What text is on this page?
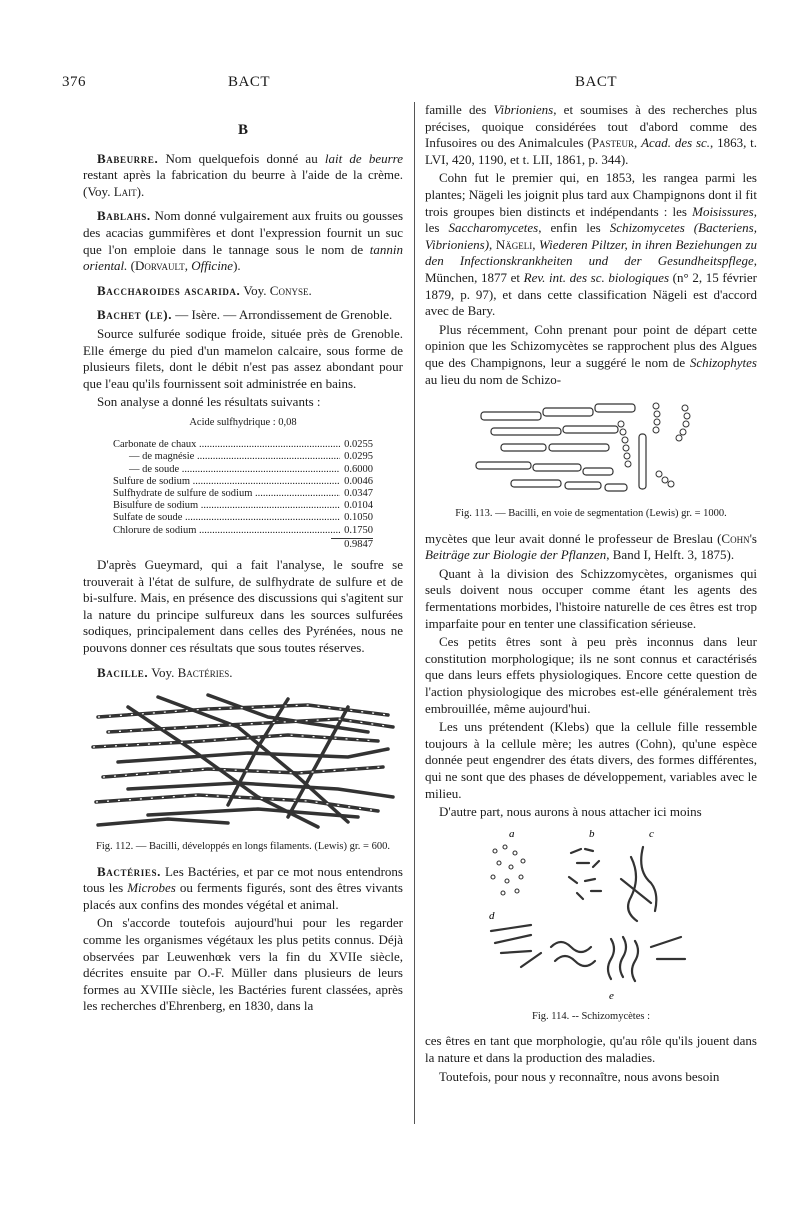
376	BACT	BACT
B

Babeurre. Nom quelquefois donné au lait de beurre restant après la fabrication du beurre à l'aide de la crème. (Voy. Lait).

Bablahs. Nom donné vulgairement aux fruits ou gousses des acacias gummifères et dont l'expression fournit un suc que l'on emploie dans le tannage sous le nom de tannin oriental. (Dorvault, Officine).

Baccharoides ascarida. Voy. Conyse.

Bachet (le). — Isère. — Arrondissement de Grenoble.

Source sulfurée sodique froide, située près de Grenoble. Elle émerge du pied d'un mamelon calcaire, sous forme de plusieurs filets, dont le débit n'est pas assez abondant pour que l'eau qu'ils fournissent soit administrée en bains.

Son analyse a donné les résultats suivants :

Acide sulfhydrique : 0,08
Carbonate de chaux .....	0.0255
— de magnésie .....	0.0295
— de soude .....	0.6000
Sulfure de sodium .....	0.0046
Sulfhydrate de sulfure de sodium .....	0.0347
Bisulfure de sodium .....	0.0104
Sulfate de soude .....	0.1050
Chlorure de sodium .....	0.1750
0.9847

D'après Gueymard, qui a fait l'analyse, le soufre se trouverait à l'état de sulfure, de sulfhydrate de sulfure et de bi-sulfure. Mais, en présence des discussions qui s'agitent sur la nature du principe sulfureux dans les sources sulfurées sodiques, principalement dans celles des Pyrénées, nous ne pouvons donner ces résultats que sous toutes réserves.

Bacille. Voy. Bactéries.

Fig. 112. — Bacilli, développés en longs filaments. (Lewis) gr. = 600.

Bactéries. Les Bactéries, et par ce mot nous entendrons tous les Microbes ou ferments figurés, sont des êtres vivants placés aux confins des mondes végétal et animal.

On s'accorde toutefois aujourd'hui pour les regarder comme les organismes végétaux les plus petits connus. Déjà observées par Leuwenhœk vers la fin du XVIIe siècle, décrites ensuite par O.-F. Müller dans plusieurs de leurs formes au XVIIIe siècle, les Bactéries furent classées, après les recherches d'Ehrenberg, en 1830, dans la

famille des Vibrioniens, et soumises à des recherches plus précises, quoique considérées tout d'abord comme des Infusoires ou des Animalcules (Pasteur, Acad. des sc., 1863, t. LVI, 420, 1190, et t. LII, 1861, p. 344).

Cohn fut le premier qui, en 1853, les rangea parmi les plantes; Nägeli les joignit plus tard aux Champignons dont il fit trois groupes bien distincts et indépendants : les Moisissures, les Saccharomycetes, enfin les Schizomycetes (Bacteriens, Vibrioniens), Nägeli, Wiederen Piltzer, in ihren Beziehungen zu den Infectionskrankheiten und der Gesundheitspflege, München, 1877 et Rev. int. des sc. biologiques (n° 2, 15 février 1879, p. 97), et dans cette classification Nägeli est d'accord avec de Bary.

Plus récemment, Cohn prenant pour point de départ cette opinion que les Schizomycètes se rapprochent plus des Algues que des Champignons, leur a suggéré le nom de Schizophytes au lieu du nom de Schizo-

Fig. 113. — Bacilli, en voie de segmentation (Lewis) gr. = 1000.

mycètes que leur avait donné le professeur de Breslau (Cohn's Beiträge zur Biologie der Pflanzen, Band I, Helft. 3, 1875).

Quant à la division des Schizzomycètes, organismes qui seuls doivent nous occuper comme étant les agents des fermentations morbides, l'histoire naturelle de ces êtres est trop imparfaite pour en tenter une classification sérieuse.

Ces petits êtres sont à peu près inconnus dans leur constitution morphologique; ils ne sont connus et caractérisés que dans leurs effets physiologiques. Encore cette question de l'action physiologique des microbes est-elle généralement très embrouillée, même aujourd'hui.

Les uns prétendent (Klebs) que la cellule fille ressemble toujours à la cellule mère; les autres (Cohn), qu'une espèce donnée peut engendrer des états divers, des formes différentes, qui ne sont que des phases de développement, variables avec le milieu.

D'autre part, nous aurons à nous attacher ici moins

a	b	c
d
e

Fig. 114. -- Schizomycètes :

ces êtres en tant que morphologie, qu'au rôle qu'ils jouent dans la nature et dans la production des maladies.

Toutefois, pour nous y reconnaître, nous avons besoin
